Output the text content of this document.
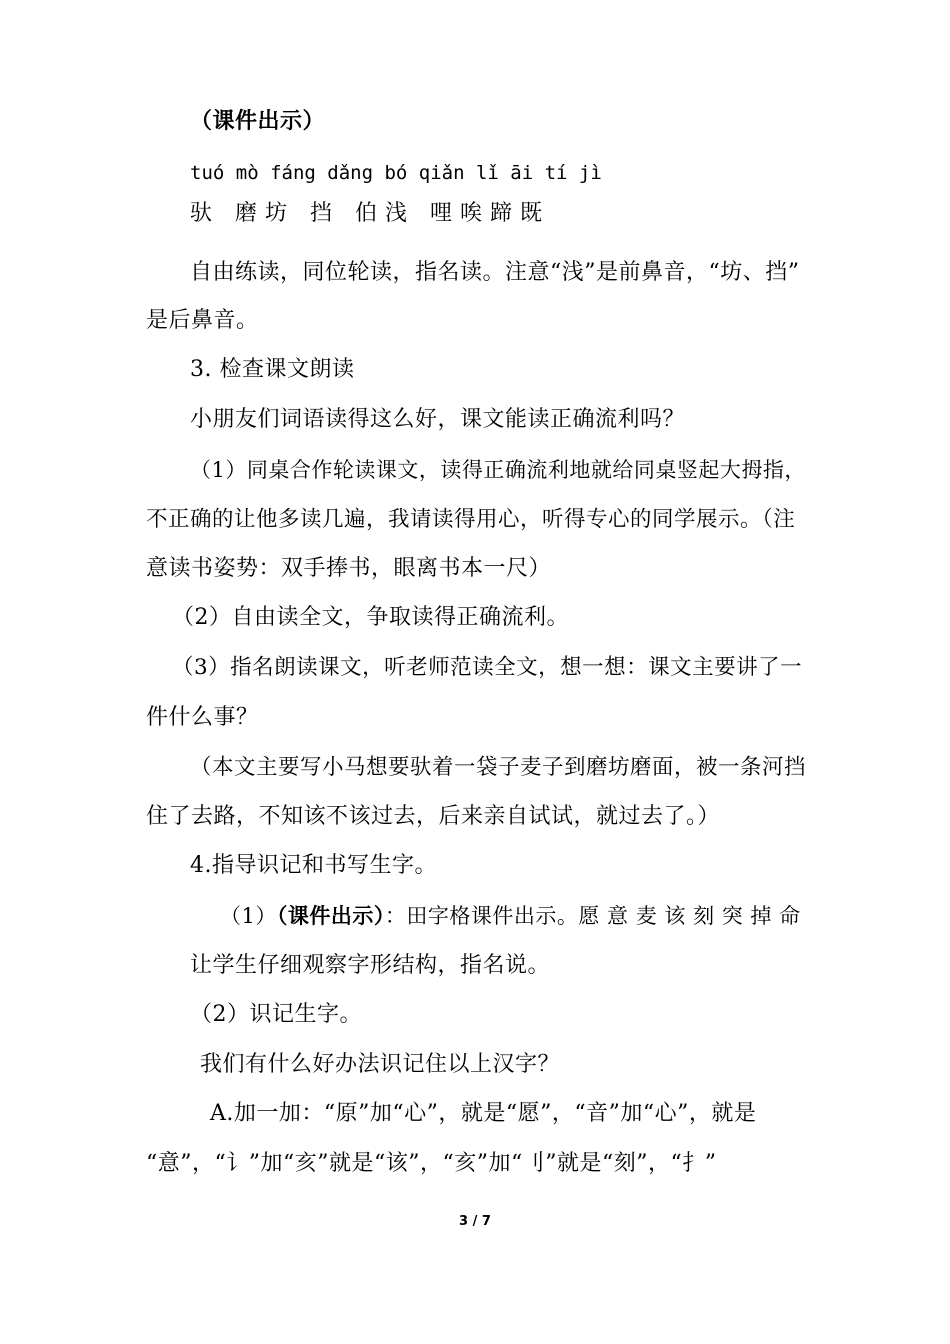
（课件出示）
tuó mò fáng dǎng bó qiǎn lǐ āi tí jì
驮 磨坊 挡 伯浅 哩唉蹄既
自由练读，同位轮读，指名读。注意“浅”是前鼻音，“坊、挡”
是后鼻音。
3. 检查课文朗读
小朋友们词语读得这么好，课文能读正确流利吗？
（1）同桌合作轮读课文，读得正确流利地就给同桌竖起大拇指，
不正确的让他多读几遍，我请读得用心，听得专心的同学展示。（注
意读书姿势：双手捧书，眼离书本一尺）
（2）自由读全文，争取读得正确流利。
（3）指名朗读课文，听老师范读全文，想一想：课文主要讲了一
件什么事？
（本文主要写小马想要驮着一袋子麦子到磨坊磨面，被一条河挡
住了去路，不知该不该过去，后来亲自试试，就过去了。）
4.指导识记和书写生字。
（1）（课件出示）：田字格课件出示。愿 意 麦 该 刻 突 掉 命
让学生仔细观察字形结构，指名说。
（2）识记生字。
我们有什么好办法识记住以上汉字？
A.加一加：“原”加“心”，就是“愿”，“音”加“心”，就是
“意”，“讠”加“亥”就是“该”，“亥”加“刂”就是“刻”，“扌”
3 / 7
